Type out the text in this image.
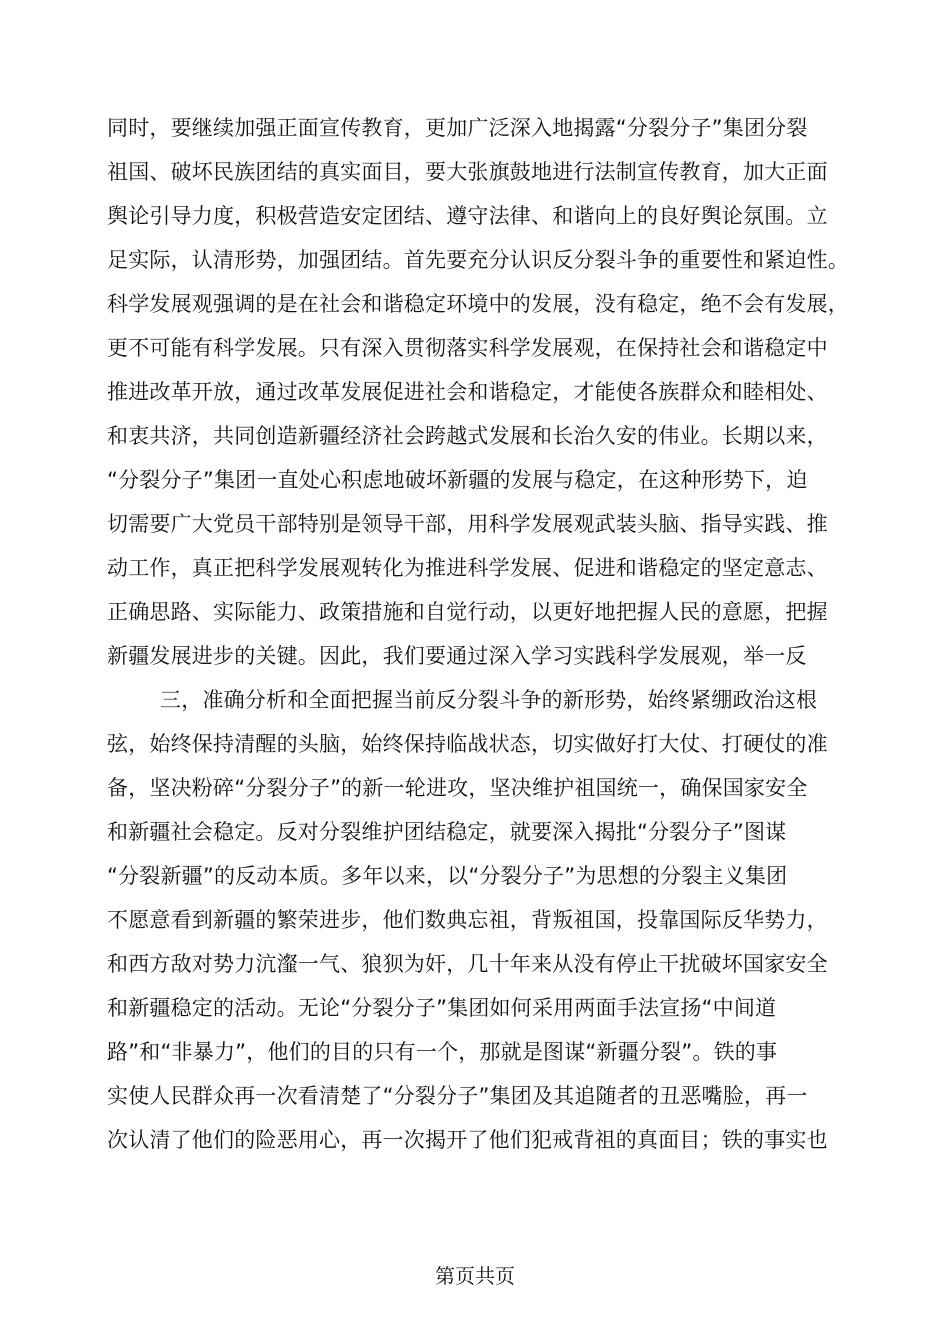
同时，要继续加强正面宣传教育，更加广泛深入地揭露“分裂分子”集团分裂
祖国、破坏民族团结的真实面目，要大张旗鼓地进行法制宣传教育，加大正面
舆论引导力度，积极营造安定团结、遵守法律、和谐向上的良好舆论氛围。立
足实际，认清形势，加强团结。首先要充分认识反分裂斗争的重要性和紧迫性。
科学发展观强调的是在社会和谐稳定环境中的发展，没有稳定，绝不会有发展，
更不可能有科学发展。只有深入贯彻落实科学发展观，在保持社会和谐稳定中
推进改革开放，通过改革发展促进社会和谐稳定，才能使各族群众和睦相处、
和衷共济，共同创造新疆经济社会跨越式发展和长治久安的伟业。长期以来，
“分裂分子”集团一直处心积虑地破坏新疆的发展与稳定，在这种形势下，迫
切需要广大党员干部特别是领导干部，用科学发展观武装头脑、指导实践、推
动工作，真正把科学发展观转化为推进科学发展、促进和谐稳定的坚定意志、
正确思路、实际能力、政策措施和自觉行动，以更好地把握人民的意愿，把握
新疆发展进步的关键。因此，我们要通过深入学习实践科学发展观，举一反
三，准确分析和全面把握当前反分裂斗争的新形势，始终紧绷政治这根
弦，始终保持清醒的头脑，始终保持临战状态，切实做好打大仗、打硬仗的准
备，坚决粉碎“分裂分子”的新一轮进攻，坚决维护祖国统一，确保国家安全
和新疆社会稳定。反对分裂维护团结稳定，就要深入揭批“分裂分子”图谋
“分裂新疆”的反动本质。多年以来，以“分裂分子”为思想的分裂主义集团
不愿意看到新疆的繁荣进步，他们数典忘祖，背叛祖国，投靠国际反华势力，
和西方敌对势力沆瀣一气、狼狈为奸，几十年来从没有停止干扰破坏国家安全
和新疆稳定的活动。无论“分裂分子”集团如何采用两面手法宣扬“中间道
路”和“非暴力”，他们的目的只有一个，那就是图谋“新疆分裂”。铁的事
实使人民群众再一次看清楚了“分裂分子”集团及其追随者的丑恶嘴脸，再一
次认清了他们的险恶用心，再一次揭开了他们犯戒背祖的真面目；铁的事实也
第页共页
